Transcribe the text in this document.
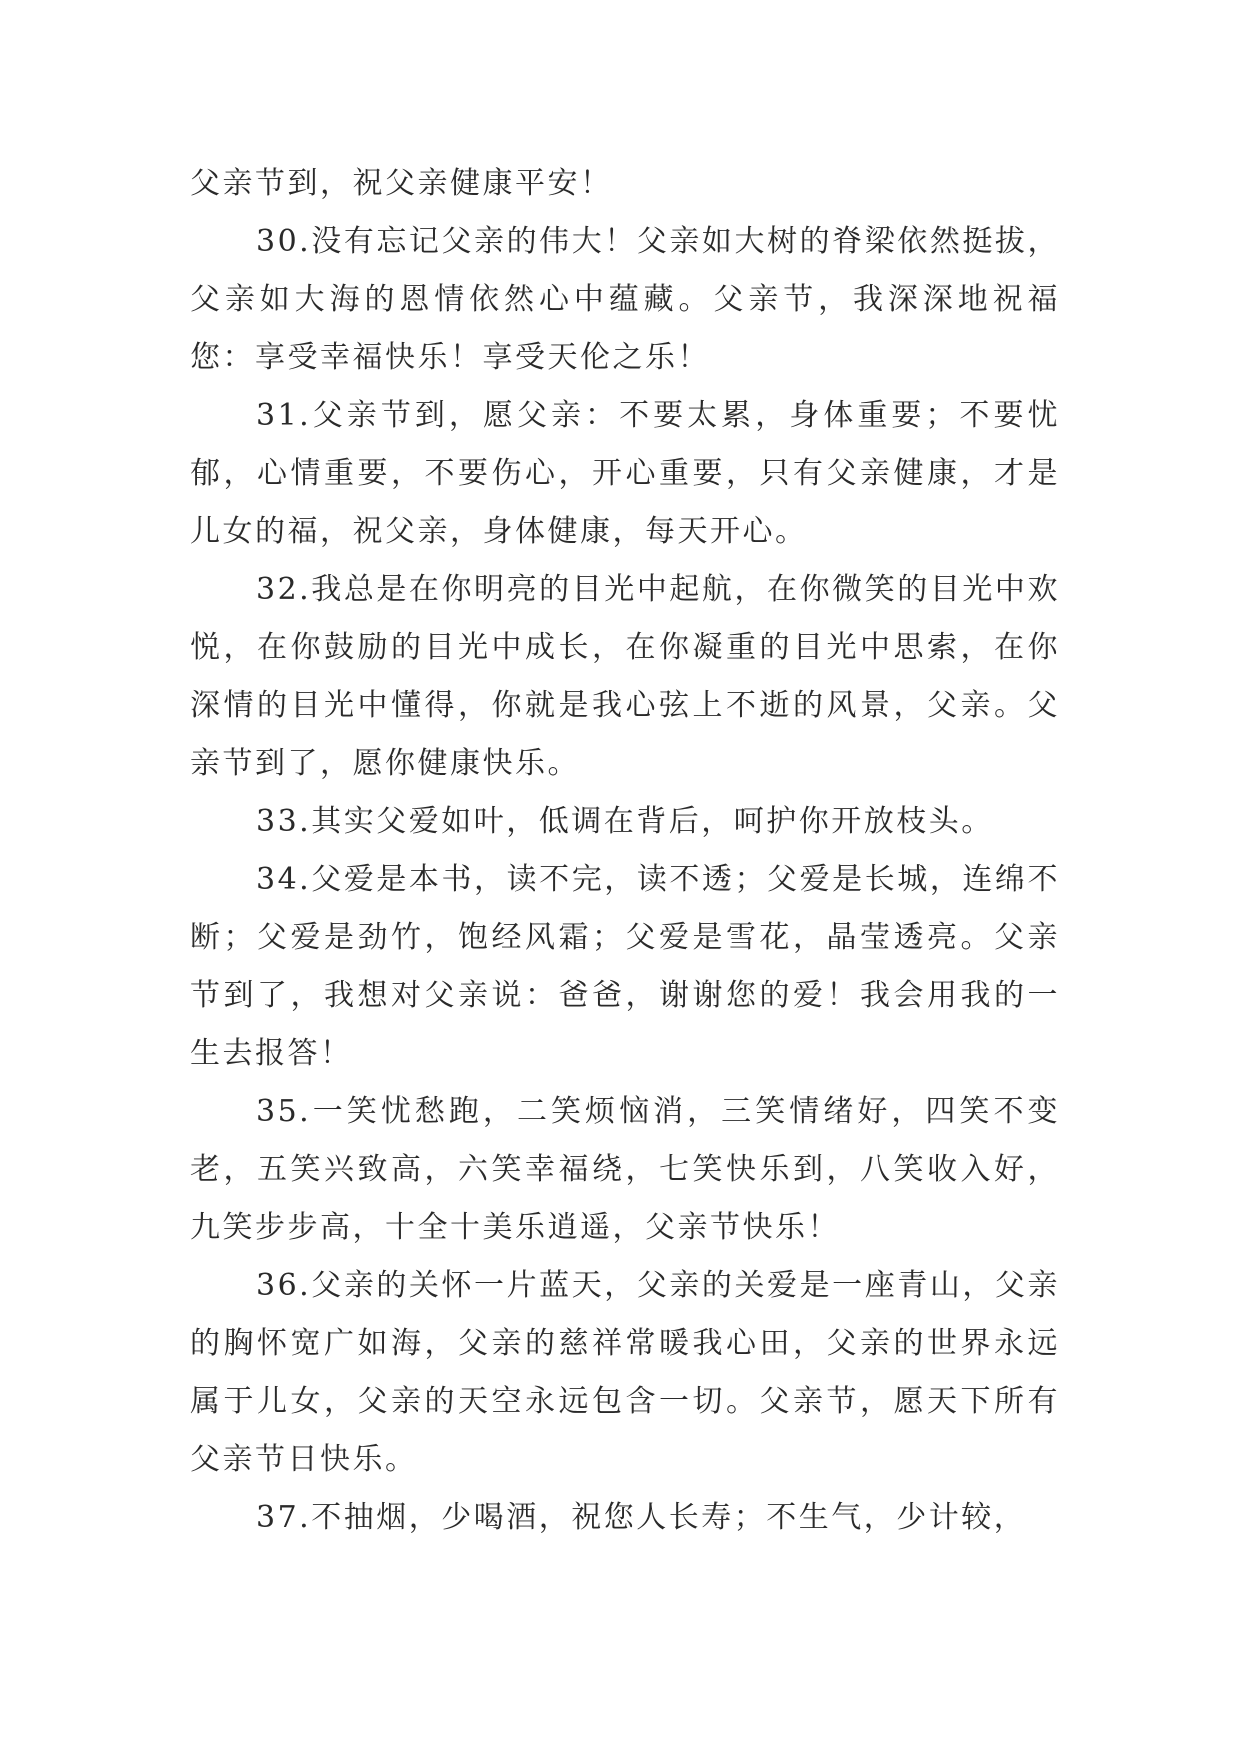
父亲节到，祝父亲健康平安！

30.没有忘记父亲的伟大！父亲如大树的脊梁依然挺拔，父亲如大海的恩情依然心中蕴藏。父亲节，我深深地祝福您：享受幸福快乐！享受天伦之乐！

31.父亲节到，愿父亲：不要太累，身体重要；不要忧郁，心情重要，不要伤心，开心重要，只有父亲健康，才是儿女的福，祝父亲，身体健康，每天开心。

32.我总是在你明亮的目光中起航，在你微笑的目光中欢悦，在你鼓励的目光中成长，在你凝重的目光中思索，在你深情的目光中懂得，你就是我心弦上不逝的风景，父亲。父亲节到了，愿你健康快乐。

33.其实父爱如叶，低调在背后，呵护你开放枝头。

34.父爱是本书，读不完，读不透；父爱是长城，连绵不断；父爱是劲竹，饱经风霜；父爱是雪花，晶莹透亮。父亲节到了，我想对父亲说：爸爸，谢谢您的爱！我会用我的一生去报答！

35.一笑忧愁跑，二笑烦恼消，三笑情绪好，四笑不变老，五笑兴致高，六笑幸福绕，七笑快乐到，八笑收入好，九笑步步高，十全十美乐逍遥，父亲节快乐！

36.父亲的关怀一片蓝天，父亲的关爱是一座青山，父亲的胸怀宽广如海，父亲的慈祥常暖我心田，父亲的世界永远属于儿女，父亲的天空永远包含一切。父亲节，愿天下所有父亲节日快乐。

37.不抽烟，少喝酒，祝您人长寿；不生气，少计较，
